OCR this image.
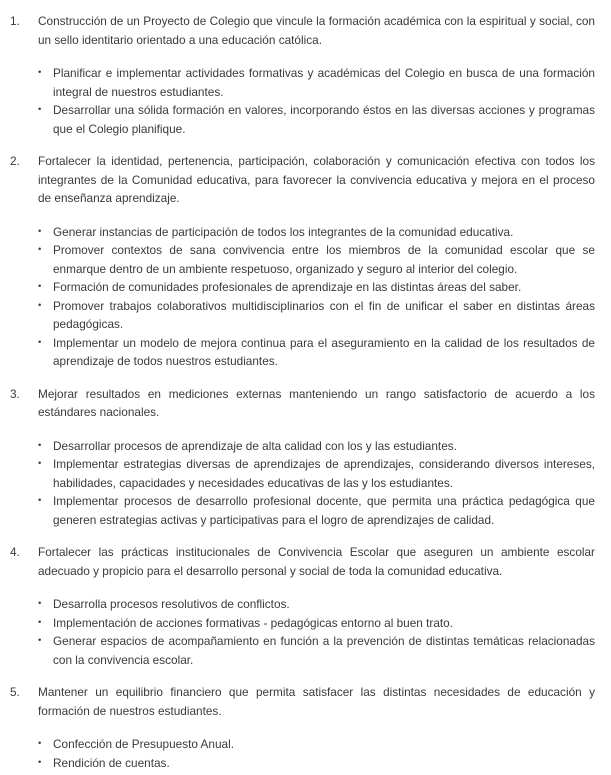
1.	Construcción de un Proyecto de Colegio que vincule la formación académica con la espiritual y social, con un sello identitario orientado a una educación católica.
• Planificar e implementar actividades formativas y académicas del Colegio en busca de una formación integral de nuestros estudiantes.
• Desarrollar una sólida formación en valores, incorporando éstos en las diversas acciones y programas que el Colegio planifique.
2.	Fortalecer la identidad, pertenencia, participación, colaboración y comunicación efectiva con todos los integrantes de la Comunidad educativa, para favorecer la convivencia educativa y mejora en el proceso de enseñanza aprendizaje.
• Generar instancias de participación de todos los integrantes de la comunidad educativa.
• Promover contextos de sana convivencia entre los miembros de la comunidad escolar que se enmarque dentro de un ambiente respetuoso, organizado y seguro al interior del colegio.
• Formación de comunidades profesionales de aprendizaje en las distintas áreas del saber.
• Promover trabajos colaborativos multidisciplinarios con el fin de unificar el saber en distintas áreas pedagógicas.
• Implementar un modelo de mejora continua para el aseguramiento en la calidad de los resultados de aprendizaje de todos nuestros estudiantes.
3.	Mejorar resultados en mediciones externas manteniendo un rango satisfactorio de acuerdo a los estándares nacionales.
• Desarrollar procesos de aprendizaje de alta calidad con los y las estudiantes.
• Implementar estrategias diversas de aprendizajes de aprendizajes, considerando diversos intereses, habilidades, capacidades y necesidades educativas de las y los estudiantes.
• Implementar procesos de desarrollo profesional docente, que permita una práctica pedagógica que generen estrategias activas y participativas para el logro de aprendizajes de calidad.
4.	Fortalecer las prácticas institucionales de Convivencia Escolar que aseguren un ambiente escolar adecuado y propicio para el desarrollo personal y social de toda la comunidad educativa.
• Desarrolla procesos resolutivos de conflictos.
• Implementación de acciones formativas - pedagógicas entorno al buen trato.
• Generar espacios de acompañamiento en función a la prevención de distintas temáticas relacionadas con la convivencia escolar.
5.	Mantener un equilibrio financiero que permita satisfacer las distintas necesidades de educación y formación de nuestros estudiantes.
• Confección de Presupuesto Anual.
• Rendición de cuentas.
